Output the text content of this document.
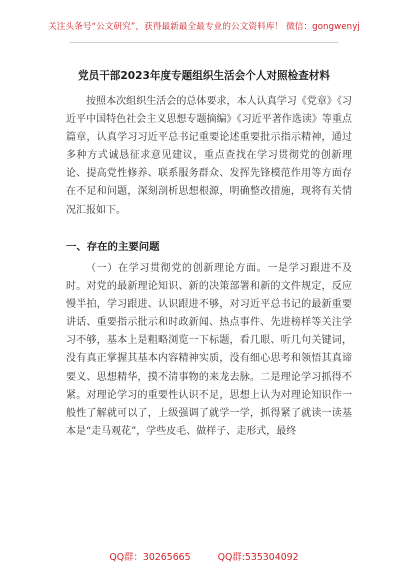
关注头条号“公文研究”，获得最新最全最专业的公文资料库！ 微信：gongwenyj
党员干部2023年度专题组织生活会个人对照检查材料

按照本次组织生活会的总体要求，本人认真学习《党章》《习近平中国特色社会主义思想专题摘编》《习近平著作选读》等重点篇章，认真学习习近平总书记重要论述重要批示指示精神，通过多种方式诚恳征求意见建议，重点查找在学习贯彻党的创新理论、提高党性修养、联系服务群众、发挥先锋模范作用等方面存在不足和问题，深刻剖析思想根源，明确整改措施，现将有关情况汇报如下。

一、存在的主要问题

（一）在学习贯彻党的创新理论方面。一是学习跟进不及时。对党的最新理论知识、新的决策部署和新的文件规定，反应慢半拍，学习跟进、认识跟进不够，对习近平总书记的最新重要讲话、重要指示批示和时政新闻、热点事件、先进榜样等关注学习不够，基本上是粗略浏览一下标题，看几眼、听几句关键词，没有真正掌握其基本内容精神实质，没有细心思考和领悟其真谛要义、思想精华，摸不清事物的来龙去脉。二是理论学习抓得不紧。对理论学习的重要性认识不足，思想上认为对理论知识作一般性了解就可以了，上级强调了就学一学，抓得紧了就读一读基本是“走马观花”，学些皮毛、做样子、走形式，最终

QQ群：30265665	QQ群:535304092
